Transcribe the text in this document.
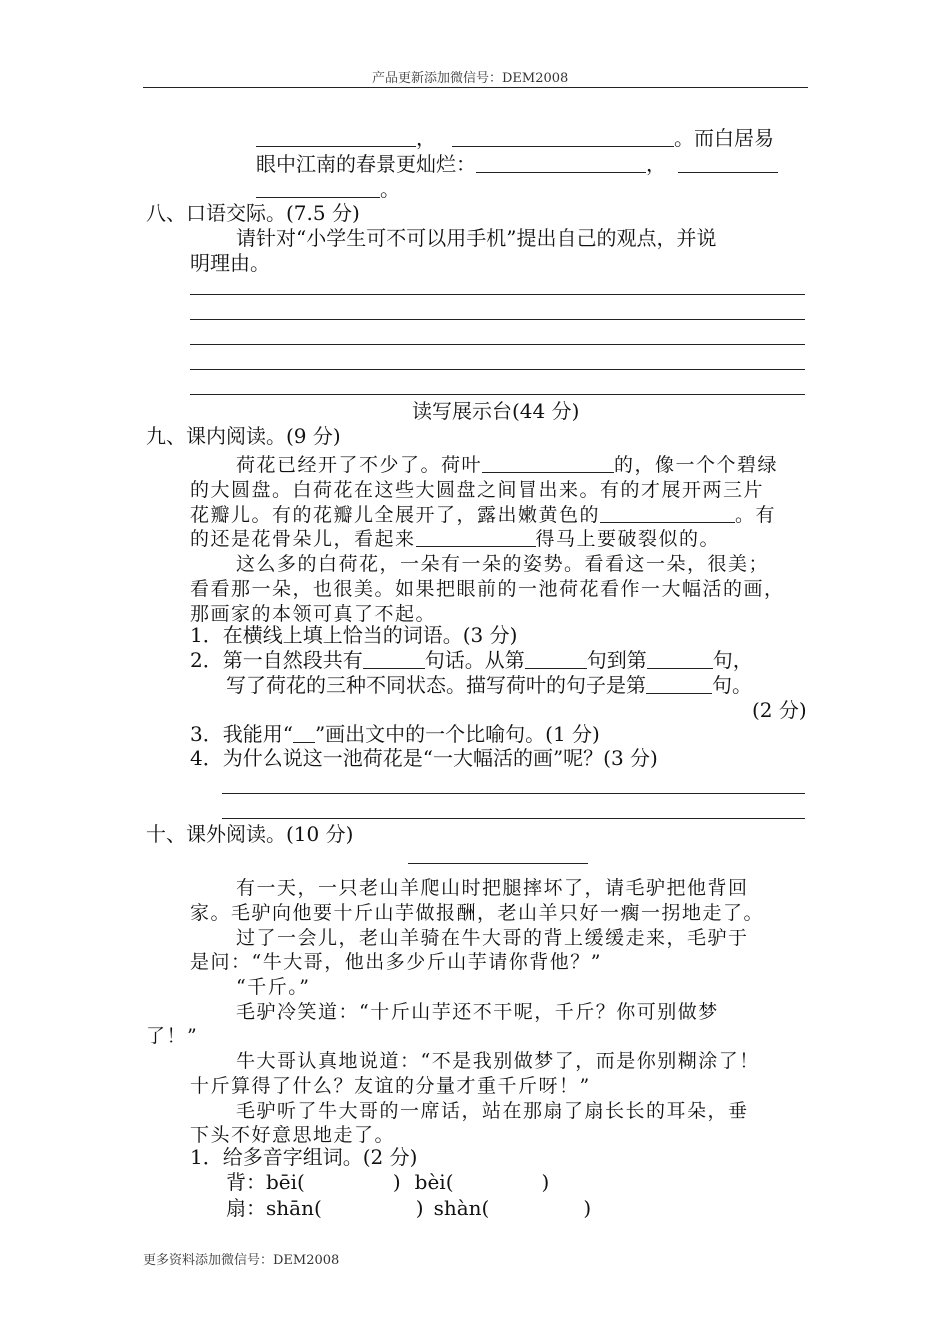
产品更新添加微信号：DEM2008
，	。而白居易
眼中江南的春景更灿烂：	，
。
八、口语交际。(7.5 分)
请针对“小学生可不可以用手机”提出自己的观点，并说
明理由。
读写展示台(44 分)
九、课内阅读。(9 分)
荷花已经开了不少了。荷叶	的，像一个个碧绿
的大圆盘。白荷花在这些大圆盘之间冒出来。有的才展开两三片
花瓣儿。有的花瓣儿全展开了，露出嫩黄色的	。有
的还是花骨朵儿，看起来	得马上要破裂似的。
这么多的白荷花，一朵有一朵的姿势。看看这一朵，很美；
看看那一朵，也很美。如果把眼前的一池荷花看作一大幅活的画，
那画家的本领可真了不起。
1．在横线上填上恰当的词语。(3 分)
2．第一自然段共有	句话。从第	句到第	句，
写了荷花的三种不同状态。描写荷叶的句子是第	句。
(2 分)
3．我能用“ ”画出文中的一个比喻句。(1 分)
4．为什么说这一池荷花是“一大幅活的画”呢？(3 分)
十、课外阅读。(10 分)
有一天，一只老山羊爬山时把腿摔坏了，请毛驴把他背回
家。毛驴向他要十斤山芋做报酬，老山羊只好一瘸一拐地走了。
过了一会儿，老山羊骑在牛大哥的背上缓缓走来，毛驴于
是问：“牛大哥，他出多少斤山芋请你背他？”
“千斤。”
毛驴冷笑道：“十斤山芋还不干呢，千斤？你可别做梦
了！”
牛大哥认真地说道：“不是我别做梦了，而是你别糊涂了！
十斤算得了什么？友谊的分量才重千斤呀！”
毛驴听了牛大哥的一席话，站在那扇了扇长长的耳朵，垂
下头不好意思地走了。
1．给多音字组词。(2 分)
背：bēi(	) bèi(	)
扇：shān(	) shàn(	)
更多资料添加微信号：DEM2008
